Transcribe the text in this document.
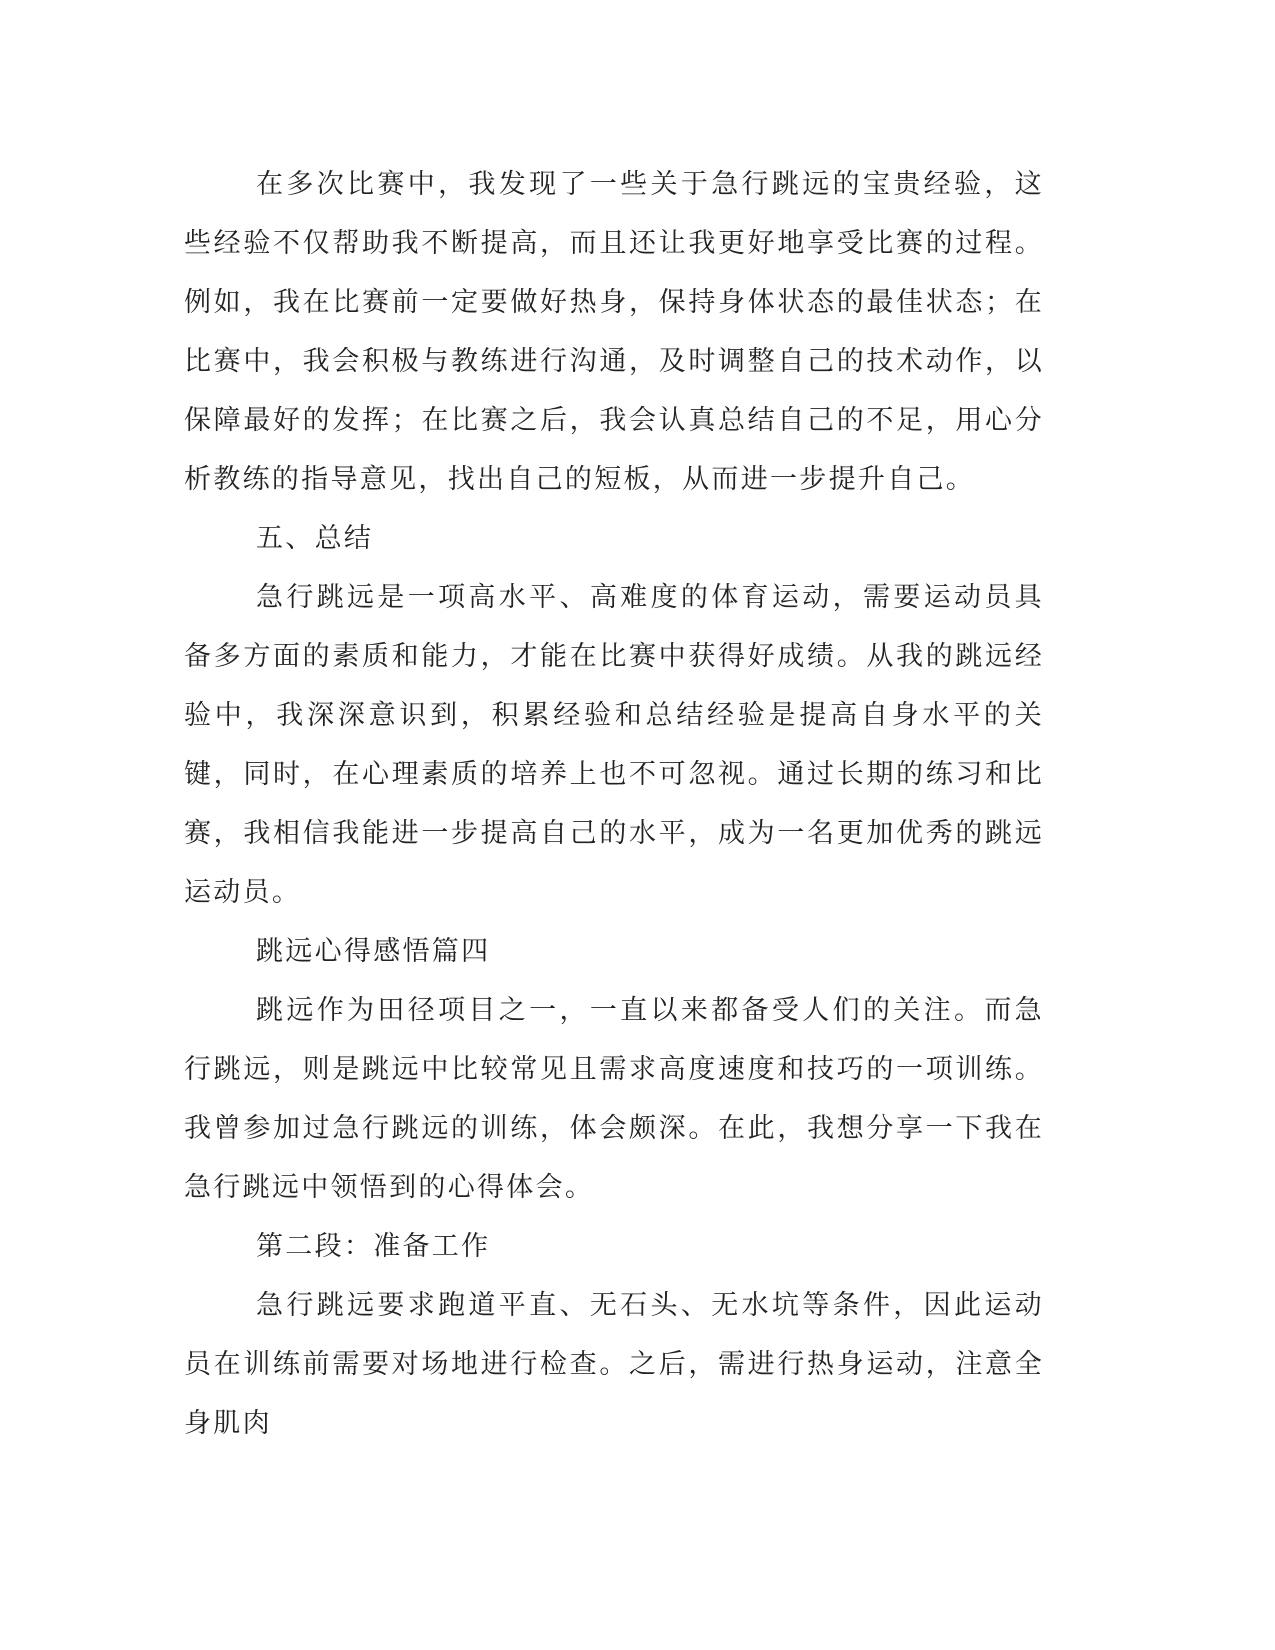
在多次比赛中，我发现了一些关于急行跳远的宝贵经验，这些经验不仅帮助我不断提高，而且还让我更好地享受比赛的过程。例如，我在比赛前一定要做好热身，保持身体状态的最佳状态；在比赛中，我会积极与教练进行沟通，及时调整自己的技术动作，以保障最好的发挥；在比赛之后，我会认真总结自己的不足，用心分析教练的指导意见，找出自己的短板，从而进一步提升自己。

五、总结

急行跳远是一项高水平、高难度的体育运动，需要运动员具备多方面的素质和能力，才能在比赛中获得好成绩。从我的跳远经验中，我深深意识到，积累经验和总结经验是提高自身水平的关键，同时，在心理素质的培养上也不可忽视。通过长期的练习和比赛，我相信我能进一步提高自己的水平，成为一名更加优秀的跳远运动员。

跳远心得感悟篇四

跳远作为田径项目之一，一直以来都备受人们的关注。而急行跳远，则是跳远中比较常见且需求高度速度和技巧的一项训练。我曾参加过急行跳远的训练，体会颇深。在此，我想分享一下我在急行跳远中领悟到的心得体会。

第二段：准备工作

急行跳远要求跑道平直、无石头、无水坑等条件，因此运动员在训练前需要对场地进行检查。之后，需进行热身运动，注意全身肌肉
